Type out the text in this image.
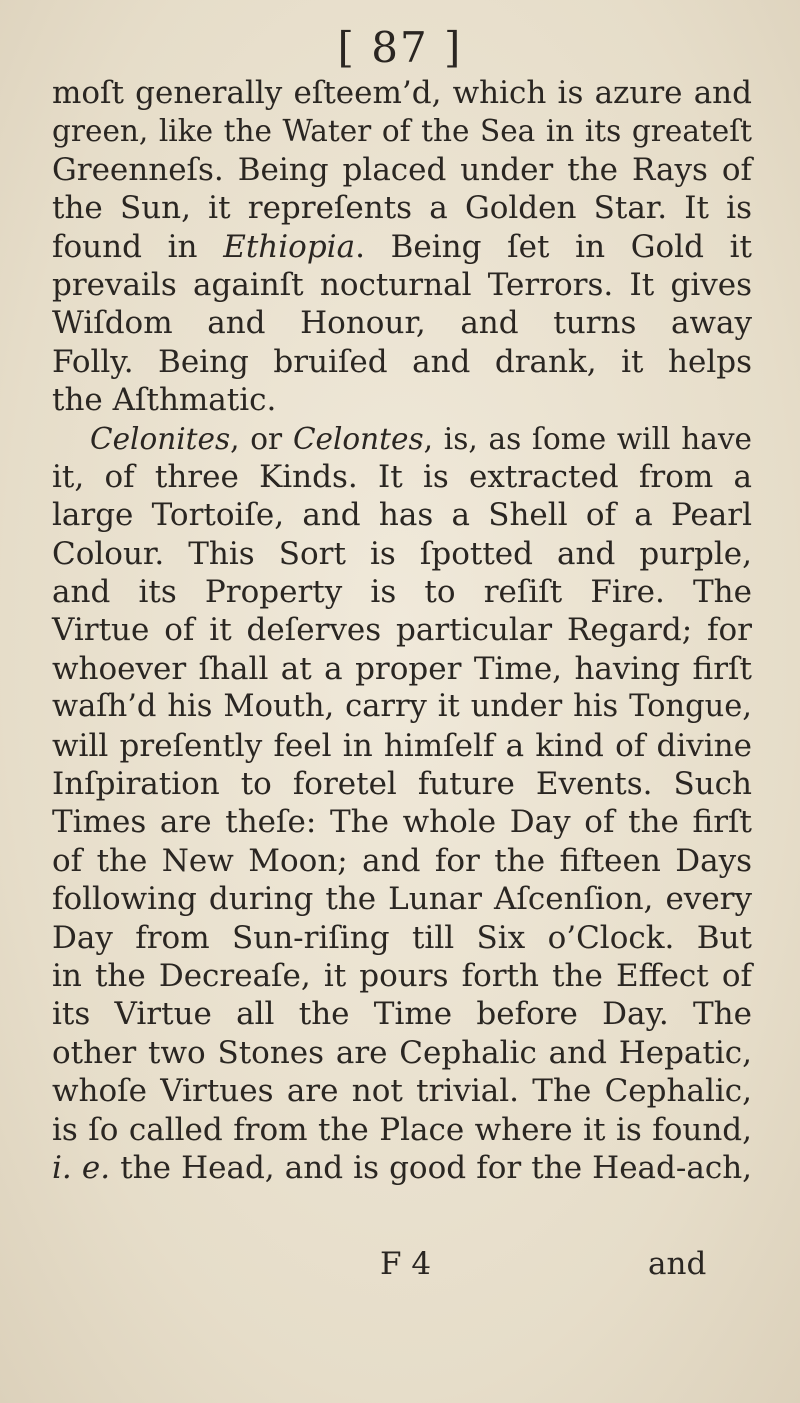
[ 87 ]
moſt generally eſteem’d, which is azure and
green, like the Water of the Sea in its greateſt
Greenneſs. Being placed under the Rays of
the Sun, it repreſents a Golden Star. It is
found in Ethiopia. Being ſet in Gold it
prevails againſt nocturnal Terrors. It gives
Wiſdom and Honour, and turns away
Folly. Being bruiſed and drank, it helps
the Aſthmatic.
Celonites, or Celontes, is, as ſome will have
it, of three Kinds. It is extracted from a
large Tortoiſe, and has a Shell of a Pearl
Colour. This Sort is ſpotted and purple,
and its Property is to reſiſt Fire. The
Virtue of it deſerves particular Regard; for
whoever ſhall at a proper Time, having firſt
waſh’d his Mouth, carry it under his Tongue,
will preſently feel in himſelf a kind of divine
Inſpiration to foretel future Events. Such
Times are theſe: The whole Day of the firſt
of the New Moon; and for the fifteen Days
following during the Lunar Aſcenſion, every
Day from Sun-riſing till Six o’Clock. But
in the Decreaſe, it pours forth the Effect of
its Virtue all the Time before Day. The
other two Stones are Cephalic and Hepatic,
whoſe Virtues are not trivial. The Cephalic,
is ſo called from the Place where it is found,
i. e. the Head, and is good for the Head-ach,
F 4	and
